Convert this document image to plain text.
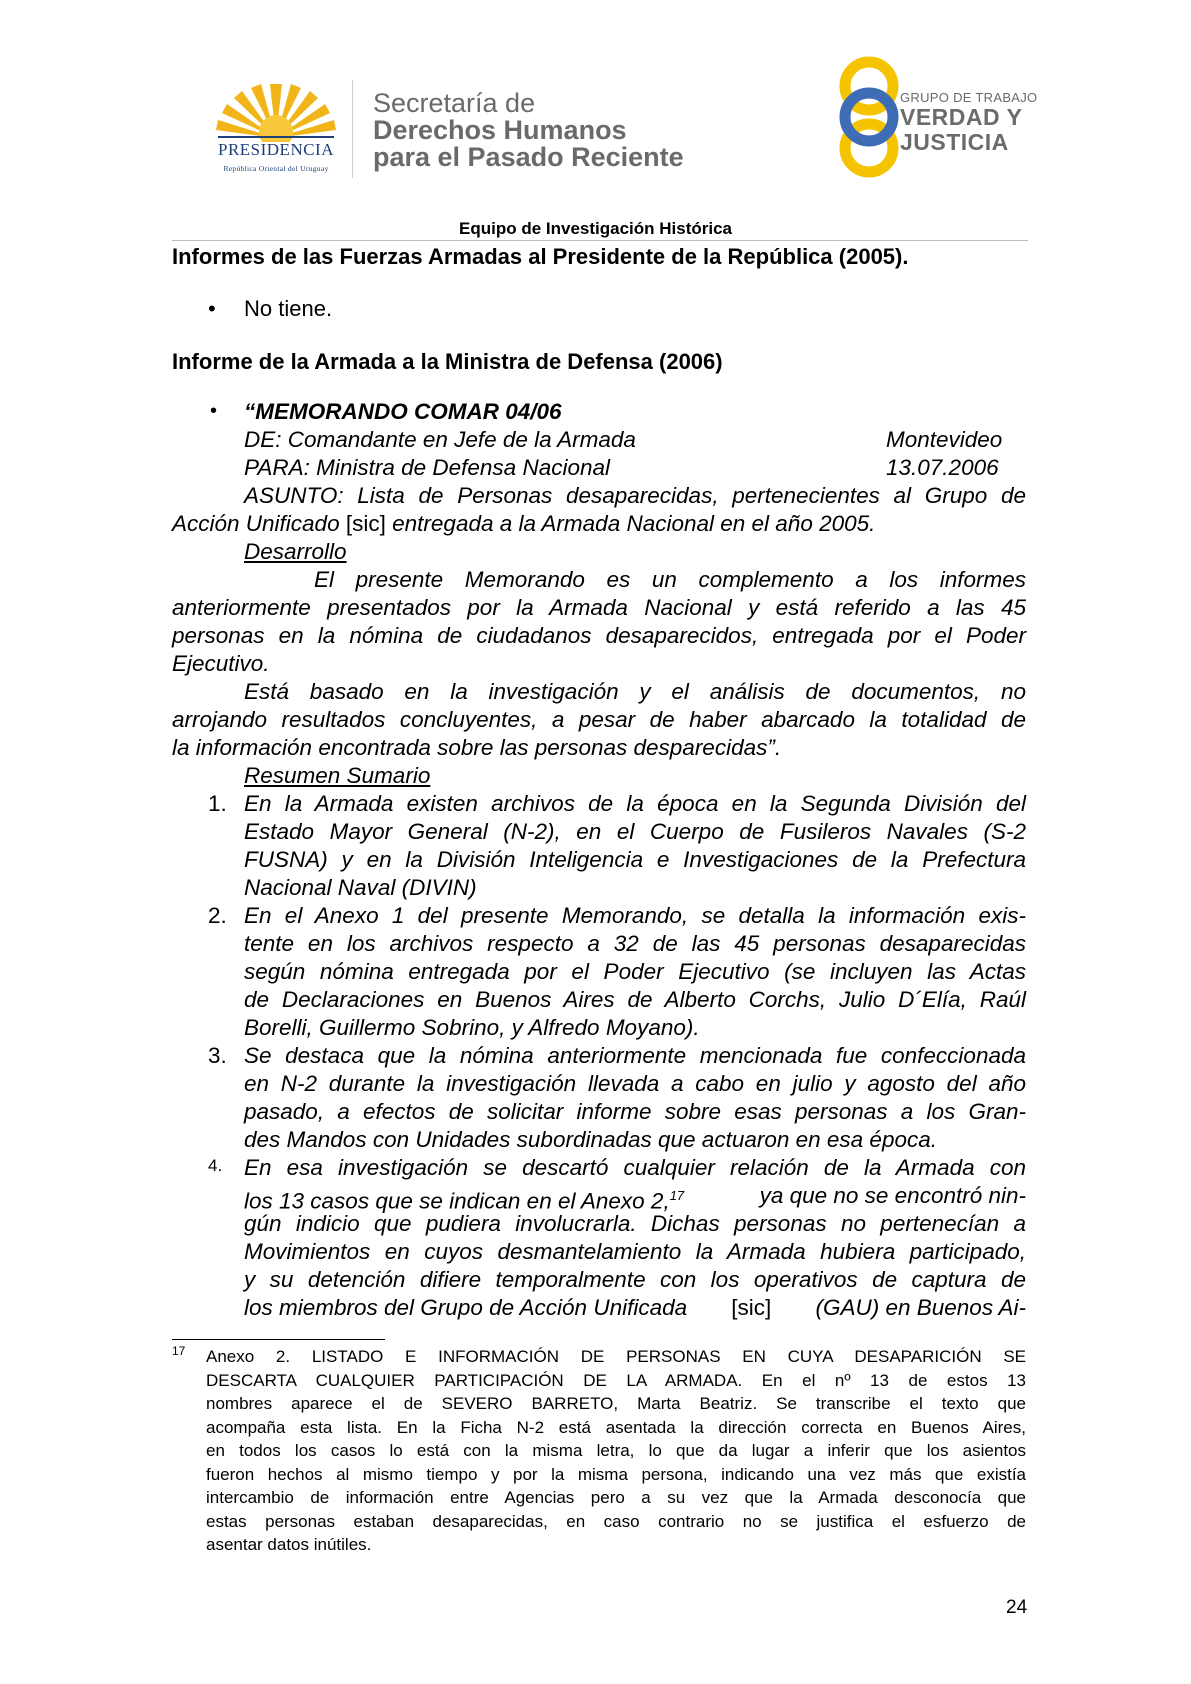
PRESIDENCIA
República Oriental del Uruguay
Secretaría de
Derechos Humanos
para el Pasado Reciente
GRUPO DE TRABAJO
VERDAD Y
JUSTICIA
Equipo de Investigación Histórica
Informes de las Fuerzas Armadas al Presidente de la República (2005).
• No tiene.
Informe de la Armada a la Ministra de Defensa (2006)
• “MEMORANDO COMAR 04/06
DE: Comandante en Jefe de la Armada	Montevideo
PARA: Ministra de Defensa Nacional	13.07.2006
ASUNTO: Lista de Personas desaparecidas, pertenecientes al Grupo de
Acción Unificado [sic] entregada a la Armada Nacional en el año 2005.
Desarrollo
El presente Memorando es un complemento a los informes
anteriormente presentados por la Armada Nacional y está referido a las 45
personas en la nómina de ciudadanos desaparecidos, entregada por el Poder
Ejecutivo.
Está basado en la investigación y el análisis de documentos, no
arrojando resultados concluyentes, a pesar de haber abarcado la totalidad de
la información encontrada sobre las personas desparecidas”.
Resumen Sumario
1. En la Armada existen archivos de la época en la Segunda División del
Estado Mayor General (N-2), en el Cuerpo de Fusileros Navales (S-2
FUSNA) y en la División Inteligencia e Investigaciones de la Prefectura
Nacional Naval (DIVIN)
2. En el Anexo 1 del presente Memorando, se detalla la información exis-
tente en los archivos respecto a 32 de las 45 personas desaparecidas
según nómina entregada por el Poder Ejecutivo (se incluyen las Actas
de Declaraciones en Buenos Aires de Alberto Corchs, Julio D´Elía, Raúl
Borelli, Guillermo Sobrino, y Alfredo Moyano).
3. Se destaca que la nómina anteriormente mencionada fue confeccionada
en N-2 durante la investigación llevada a cabo en julio y agosto del año
pasado, a efectos de solicitar informe sobre esas personas a los Gran-
des Mandos con Unidades subordinadas que actuaron en esa época.
4. En esa investigación se descartó cualquier relación de la Armada con
los 13 casos que se indican en el Anexo 2,17	ya que no se encontró nin-
gún indicio que pudiera involucrarla. Dichas personas no pertenecían a
Movimientos en cuyos desmantelamiento la Armada hubiera participado,
y su detención difiere temporalmente con los operativos de captura de
los miembros del Grupo de Acción Unificada [sic] (GAU) en Buenos Ai-
17 Anexo 2. LISTADO E INFORMACIÓN DE PERSONAS EN CUYA DESAPARICIÓN SE
DESCARTA CUALQUIER PARTICIPACIÓN DE LA ARMADA. En el nº 13 de estos 13
nombres aparece el de SEVERO BARRETO, Marta Beatriz. Se transcribe el texto que
acompaña esta lista. En la Ficha N-2 está asentada la dirección correcta en Buenos Aires,
en todos los casos lo está con la misma letra, lo que da lugar a inferir que los asientos
fueron hechos al mismo tiempo y por la misma persona, indicando una vez más que existía
intercambio de información entre Agencias pero a su vez que la Armada desconocía que
estas personas estaban desaparecidas, en caso contrario no se justifica el esfuerzo de
asentar datos inútiles.
24
